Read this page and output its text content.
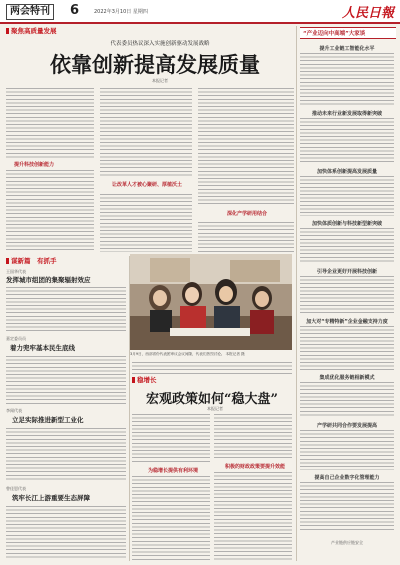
两会特刊	6	2022年3月10日 星期四	人民日報
聚焦高质量发展
代表委员热议深入实施创新驱动发展战略
依靠创新提高发展质量
本报记者
提升科技创新能力
让改革人才被心聚研、厚植沃土
深化产学研用结合
谋新篇　有抓手
王国华代表
发挥城市组团的集聚辐射效应
嘉定委员员
着力兜牢基本民生底线
李闻代表
立足实际推进新型工业化
曾佳恩代表
筑牢长江上游重要生态屏障
3月9日，西部省份代表团审议会议间隙，代表们热烈讨论。 本报记者 摄
稳增长
宏观政策如何“稳大盘”
本报记者
为稳增长提供有利环境
积极的财政政策要提升效能
“产业迈向中高端”大家谈
提升工业链工智能化水平
推动未来行业新发展取得新突破
加快体系创新提高发展质量
加快体质创新与科技新型新突破
引导企业更好开展科技创新
加大对“专精特新”企业金融支持力度
集成优化服务链相新模式
产学研共同合作要发展提高
提高自己企业数字化管理能力
产业链供应链安全
